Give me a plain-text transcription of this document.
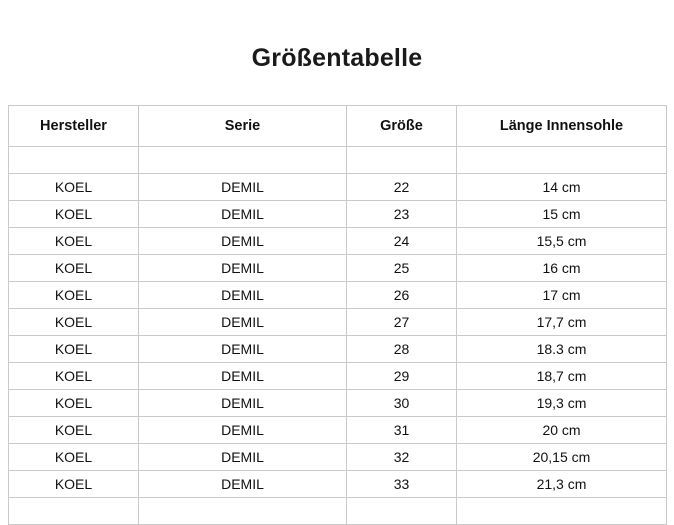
Größentabelle
Hersteller	Serie	Größe	Länge Innensohle

KOEL	DEMIL	22	14 cm
KOEL	DEMIL	23	15 cm
KOEL	DEMIL	24	15,5 cm
KOEL	DEMIL	25	16 cm
KOEL	DEMIL	26	17 cm
KOEL	DEMIL	27	17,7 cm
KOEL	DEMIL	28	18.3 cm
KOEL	DEMIL	29	18,7 cm
KOEL	DEMIL	30	19,3 cm
KOEL	DEMIL	31	20 cm
KOEL	DEMIL	32	20,15 cm
KOEL	DEMIL	33	21,3 cm
